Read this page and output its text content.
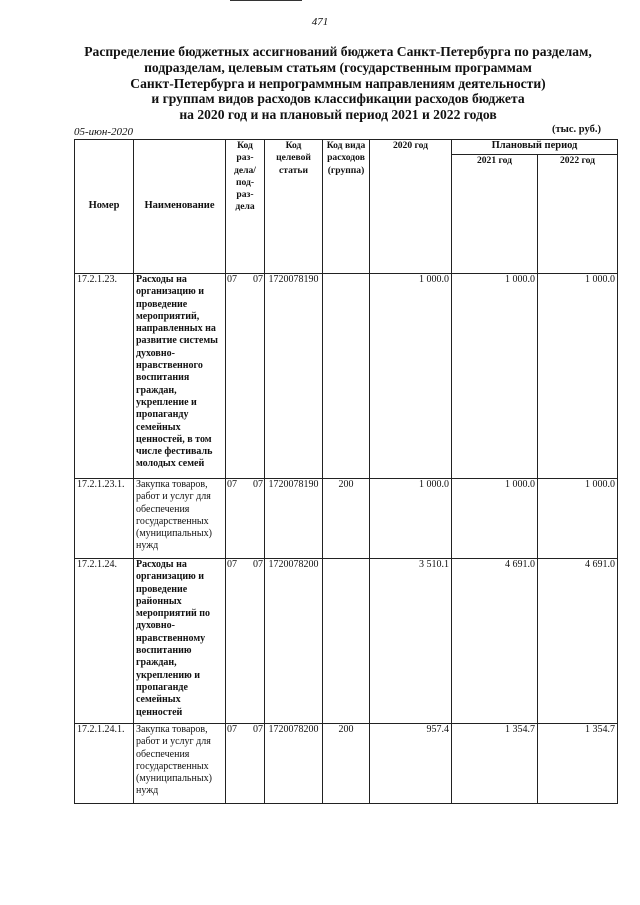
471
Распределение бюджетных ассигнований бюджета Санкт-Петербурга по разделам,
подразделам, целевым статьям (государственным программам
Санкт-Петербурга и непрограммным направлениям деятельности)
и группам видов расходов классификации расходов бюджета
на 2020 год и на плановый период 2021 и 2022 годов
05-июн-2020	(тыс. руб.)
Номер	Наименование	Код раз-дела/ под-раз-дела	Код целевой статьи	Код вида расходов (группа)	2020 год	Плановый период	
						2021 год	2022 год
17.2.1.23.	Расходы на организацию и проведение мероприятий, направленных на развитие системы духовно-нравственного воспитания граждан, укрепление и пропаганду семейных ценностей, в том числе фестиваль молодых семей	07 07	1720078190		1 000.0	1 000.0	1 000.0
17.2.1.23.1.	Закупка товаров, работ и услуг для обеспечения государственных (муниципальных) нужд	07 07	1720078190	200	1 000.0	1 000.0	1 000.0
17.2.1.24.	Расходы на организацию и проведение районных мероприятий по духовно-нравственному воспитанию граждан, укреплению и пропаганде семейных ценностей	07 07	1720078200		3 510.1	4 691.0	4 691.0
17.2.1.24.1.	Закупка товаров, работ и услуг для обеспечения государственных (муниципальных) нужд	07 07	1720078200	200	957.4	1 354.7	1 354.7
